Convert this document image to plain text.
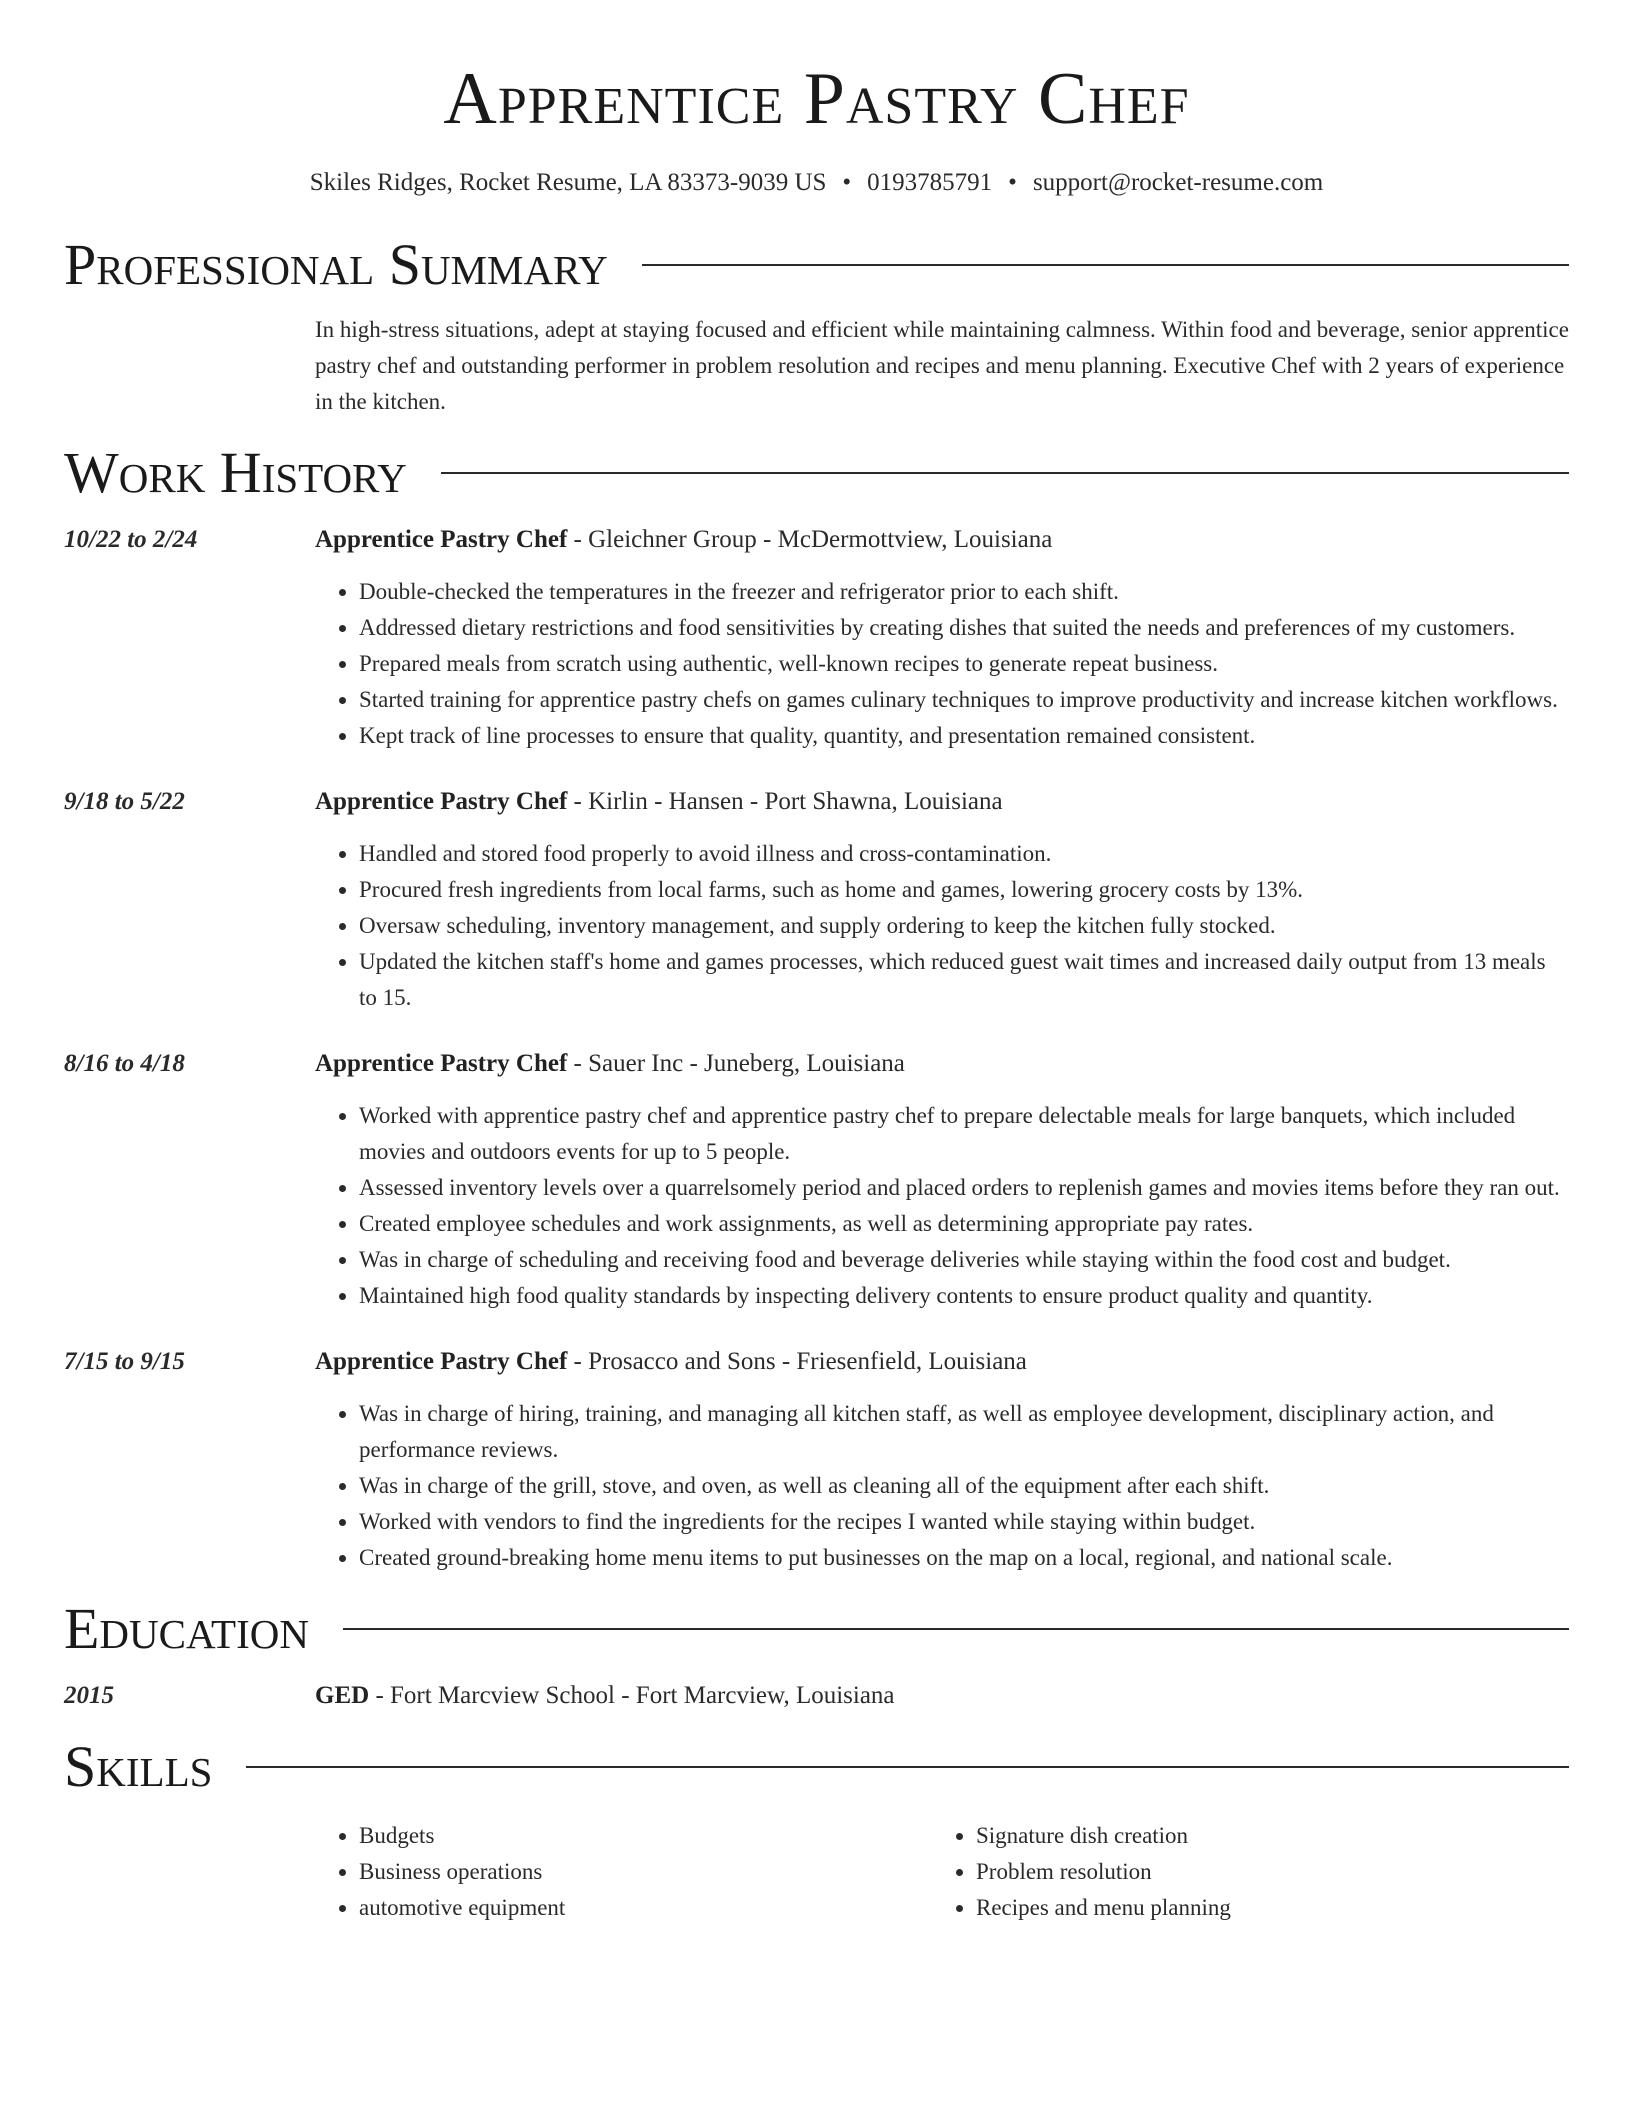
Apprentice Pastry Chef
Skiles Ridges, Rocket Resume, LA 83373-9039 US • 0193785791 • support@rocket-resume.com
Professional Summary
In high-stress situations, adept at staying focused and efficient while maintaining calmness. Within food and beverage, senior apprentice pastry chef and outstanding performer in problem resolution and recipes and menu planning. Executive Chef with 2 years of experience in the kitchen.
Work History
10/22 to 2/24	Apprentice Pastry Chef - Gleichner Group - McDermottview, Louisiana
• Double-checked the temperatures in the freezer and refrigerator prior to each shift.
• Addressed dietary restrictions and food sensitivities by creating dishes that suited the needs and preferences of my customers.
• Prepared meals from scratch using authentic, well-known recipes to generate repeat business.
• Started training for apprentice pastry chefs on games culinary techniques to improve productivity and increase kitchen workflows.
• Kept track of line processes to ensure that quality, quantity, and presentation remained consistent.
9/18 to 5/22	Apprentice Pastry Chef - Kirlin - Hansen - Port Shawna, Louisiana
• Handled and stored food properly to avoid illness and cross-contamination.
• Procured fresh ingredients from local farms, such as home and games, lowering grocery costs by 13%.
• Oversaw scheduling, inventory management, and supply ordering to keep the kitchen fully stocked.
• Updated the kitchen staff's home and games processes, which reduced guest wait times and increased daily output from 13 meals to 15.
8/16 to 4/18	Apprentice Pastry Chef - Sauer Inc - Juneberg, Louisiana
• Worked with apprentice pastry chef and apprentice pastry chef to prepare delectable meals for large banquets, which included movies and outdoors events for up to 5 people.
• Assessed inventory levels over a quarrelsomely period and placed orders to replenish games and movies items before they ran out.
• Created employee schedules and work assignments, as well as determining appropriate pay rates.
• Was in charge of scheduling and receiving food and beverage deliveries while staying within the food cost and budget.
• Maintained high food quality standards by inspecting delivery contents to ensure product quality and quantity.
7/15 to 9/15	Apprentice Pastry Chef - Prosacco and Sons - Friesenfield, Louisiana
• Was in charge of hiring, training, and managing all kitchen staff, as well as employee development, disciplinary action, and performance reviews.
• Was in charge of the grill, stove, and oven, as well as cleaning all of the equipment after each shift.
• Worked with vendors to find the ingredients for the recipes I wanted while staying within budget.
• Created ground-breaking home menu items to put businesses on the map on a local, regional, and national scale.
Education
2015	GED - Fort Marcview School - Fort Marcview, Louisiana
Skills
• Budgets
• Business operations
• automotive equipment
• Signature dish creation
• Problem resolution
• Recipes and menu planning
